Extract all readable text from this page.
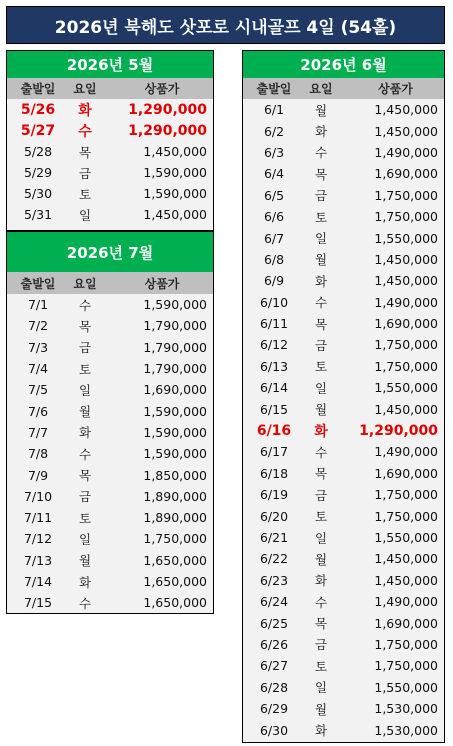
2026년 북해도 삿포로 시내골프 4일 (54홀)
2026년 5월
출발일	요일	상품가
5/26	화	1,290,000
5/27	수	1,290,000
5/28	목	1,450,000
5/29	금	1,590,000
5/30	토	1,590,000
5/31	일	1,450,000
2026년 7월
출발일	요일	상품가
7/1	수	1,590,000
7/2	목	1,790,000
7/3	금	1,790,000
7/4	토	1,790,000
7/5	일	1,690,000
7/6	월	1,590,000
7/7	화	1,590,000
7/8	수	1,590,000
7/9	목	1,850,000
7/10	금	1,890,000
7/11	토	1,890,000
7/12	일	1,750,000
7/13	월	1,650,000
7/14	화	1,650,000
7/15	수	1,650,000
2026년 6월
출발일	요일	상품가
6/1	월	1,450,000
6/2	화	1,450,000
6/3	수	1,490,000
6/4	목	1,690,000
6/5	금	1,750,000
6/6	토	1,750,000
6/7	일	1,550,000
6/8	월	1,450,000
6/9	화	1,450,000
6/10	수	1,490,000
6/11	목	1,690,000
6/12	금	1,750,000
6/13	토	1,750,000
6/14	일	1,550,000
6/15	월	1,450,000
6/16	화	1,290,000
6/17	수	1,490,000
6/18	목	1,690,000
6/19	금	1,750,000
6/20	토	1,750,000
6/21	일	1,550,000
6/22	월	1,450,000
6/23	화	1,450,000
6/24	수	1,490,000
6/25	목	1,690,000
6/26	금	1,750,000
6/27	토	1,750,000
6/28	일	1,550,000
6/29	월	1,530,000
6/30	화	1,530,000
